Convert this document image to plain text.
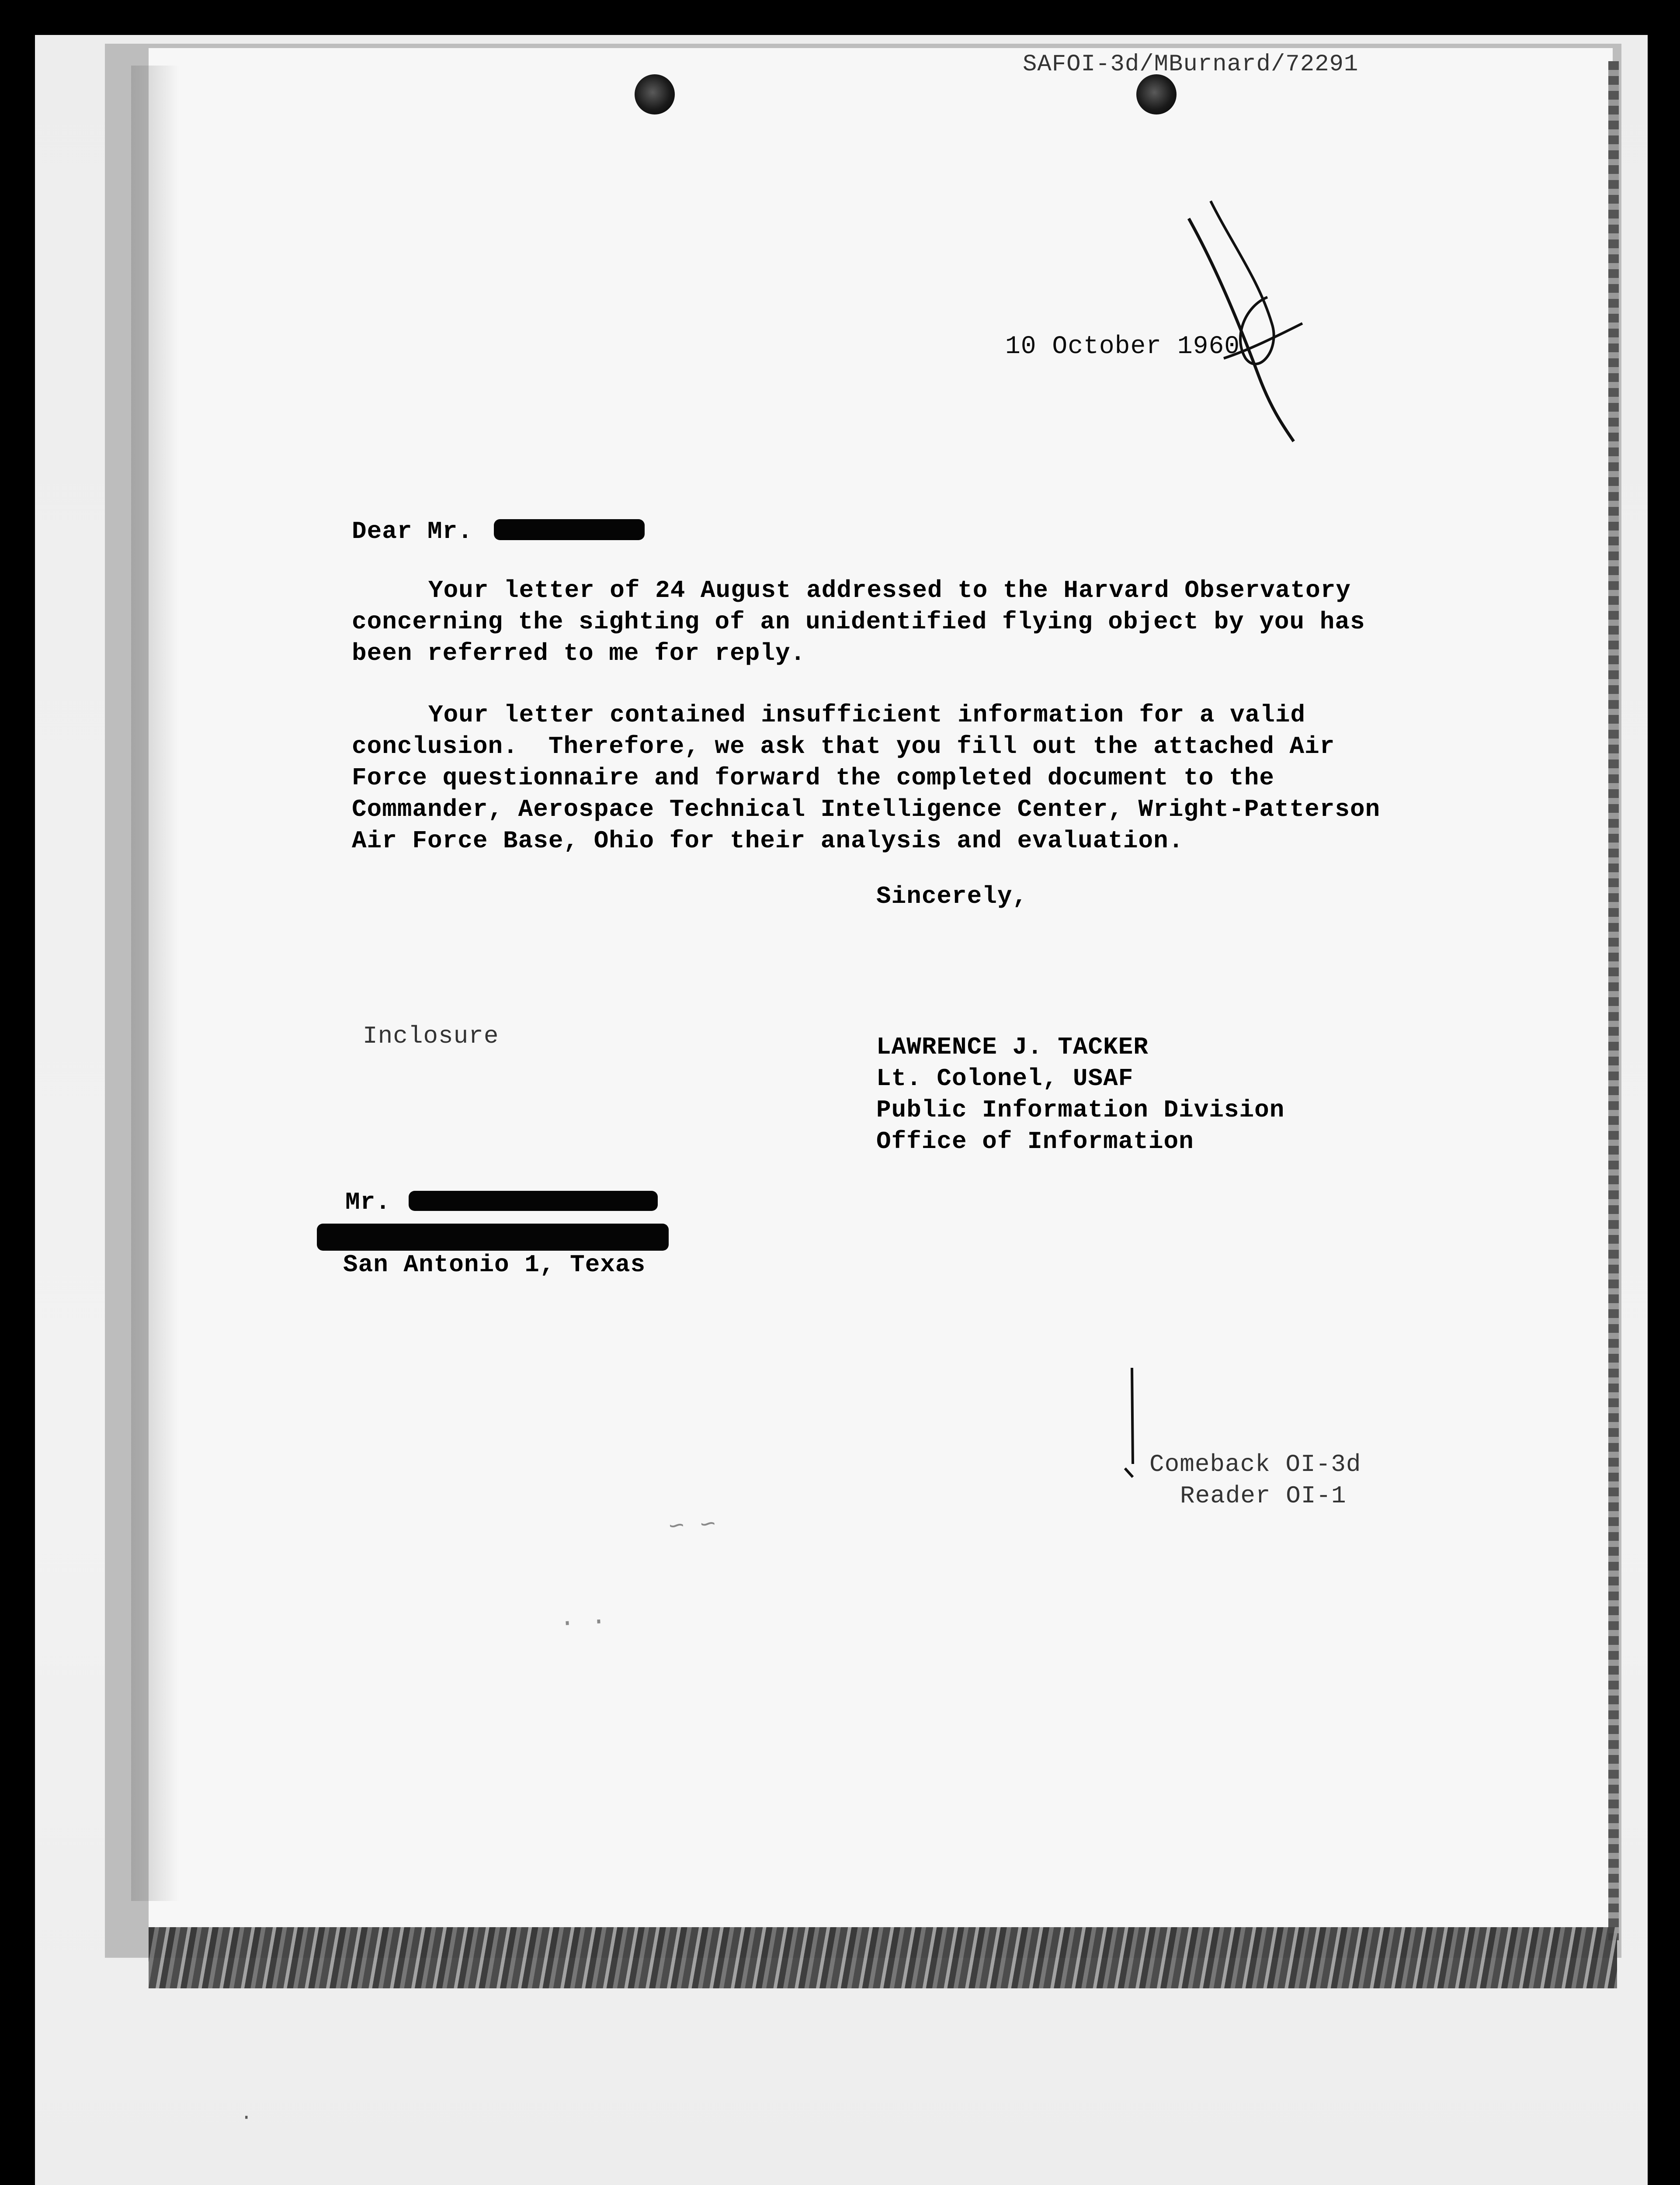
·
SAFOI-3d/MBurnard/72291
10 October 1960
Dear Mr.
Your letter of 24 August addressed to the Harvard Observatory
concerning the sighting of an unidentified flying object by you has
been referred to me for reply.
Your letter contained insufficient information for a valid
conclusion.  Therefore, we ask that you fill out the attached Air
Force questionnaire and forward the completed document to the
Commander, Aerospace Technical Intelligence Center, Wright-Patterson
Air Force Base, Ohio for their analysis and evaluation.
Sincerely,
Inclosure	LAWRENCE J. TACKER
Lt. Colonel, USAF
Public Information Division
Office of Information
Mr.
San Antonio 1, Texas
Comeback OI-3d
Reader OI-1
~ ~
· ·
